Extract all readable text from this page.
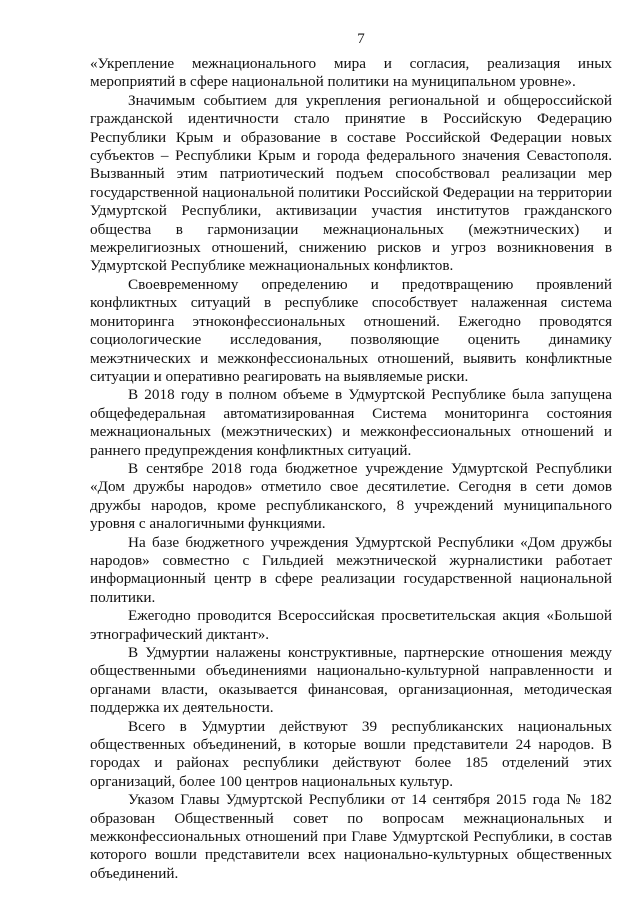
7

«Укрепление межнационального мира и согласия, реализация иных мероприятий в сфере национальной политики на муниципальном уровне».

Значимым событием для укрепления региональной и общероссийской гражданской идентичности стало принятие в Российскую Федерацию Республики Крым и образование в составе Российской Федерации новых субъектов – Республики Крым и города федерального значения Севастополя. Вызванный этим патриотический подъем способствовал реализации мер государственной национальной политики Российской Федерации на территории Удмуртской Республики, активизации участия институтов гражданского общества в гармонизации межнациональных (межэтнических) и межрелигиозных отношений, снижению рисков и угроз возникновения в Удмуртской Республике межнациональных конфликтов.

Своевременному определению и предотвращению проявлений конфликтных ситуаций в республике способствует налаженная система мониторинга этноконфессиональных отношений. Ежегодно проводятся социологические исследования, позволяющие оценить динамику межэтнических и межконфессиональных отношений, выявить конфликтные ситуации и оперативно реагировать на выявляемые риски.

В 2018 году в полном объеме в Удмуртской Республике была запущена общефедеральная автоматизированная Система мониторинга состояния межнациональных (межэтнических) и межконфессиональных отношений и раннего предупреждения конфликтных ситуаций.

В сентябре 2018 года бюджетное учреждение Удмуртской Республики «Дом дружбы народов» отметило свое десятилетие. Сегодня в сети домов дружбы народов, кроме республиканского, 8 учреждений муниципального уровня с аналогичными функциями.

На базе бюджетного учреждения Удмуртской Республики «Дом дружбы народов» совместно с Гильдией межэтнической журналистики работает информационный центр в сфере реализации государственной национальной политики.

Ежегодно проводится Всероссийская просветительская акция «Большой этнографический диктант».

В Удмуртии налажены конструктивные, партнерские отношения между общественными объединениями национально-культурной направленности и органами власти, оказывается финансовая, организационная, методическая поддержка их деятельности.

Всего в Удмуртии действуют 39 республиканских национальных общественных объединений, в которые вошли представители 24 народов. В городах и районах республики действуют более 185 отделений этих организаций, более 100 центров национальных культур.

Указом Главы Удмуртской Республики от 14 сентября 2015 года № 182 образован Общественный совет по вопросам межнациональных и межконфессиональных отношений при Главе Удмуртской Республики, в состав которого вошли представители всех национально-культурных общественных объединений.
